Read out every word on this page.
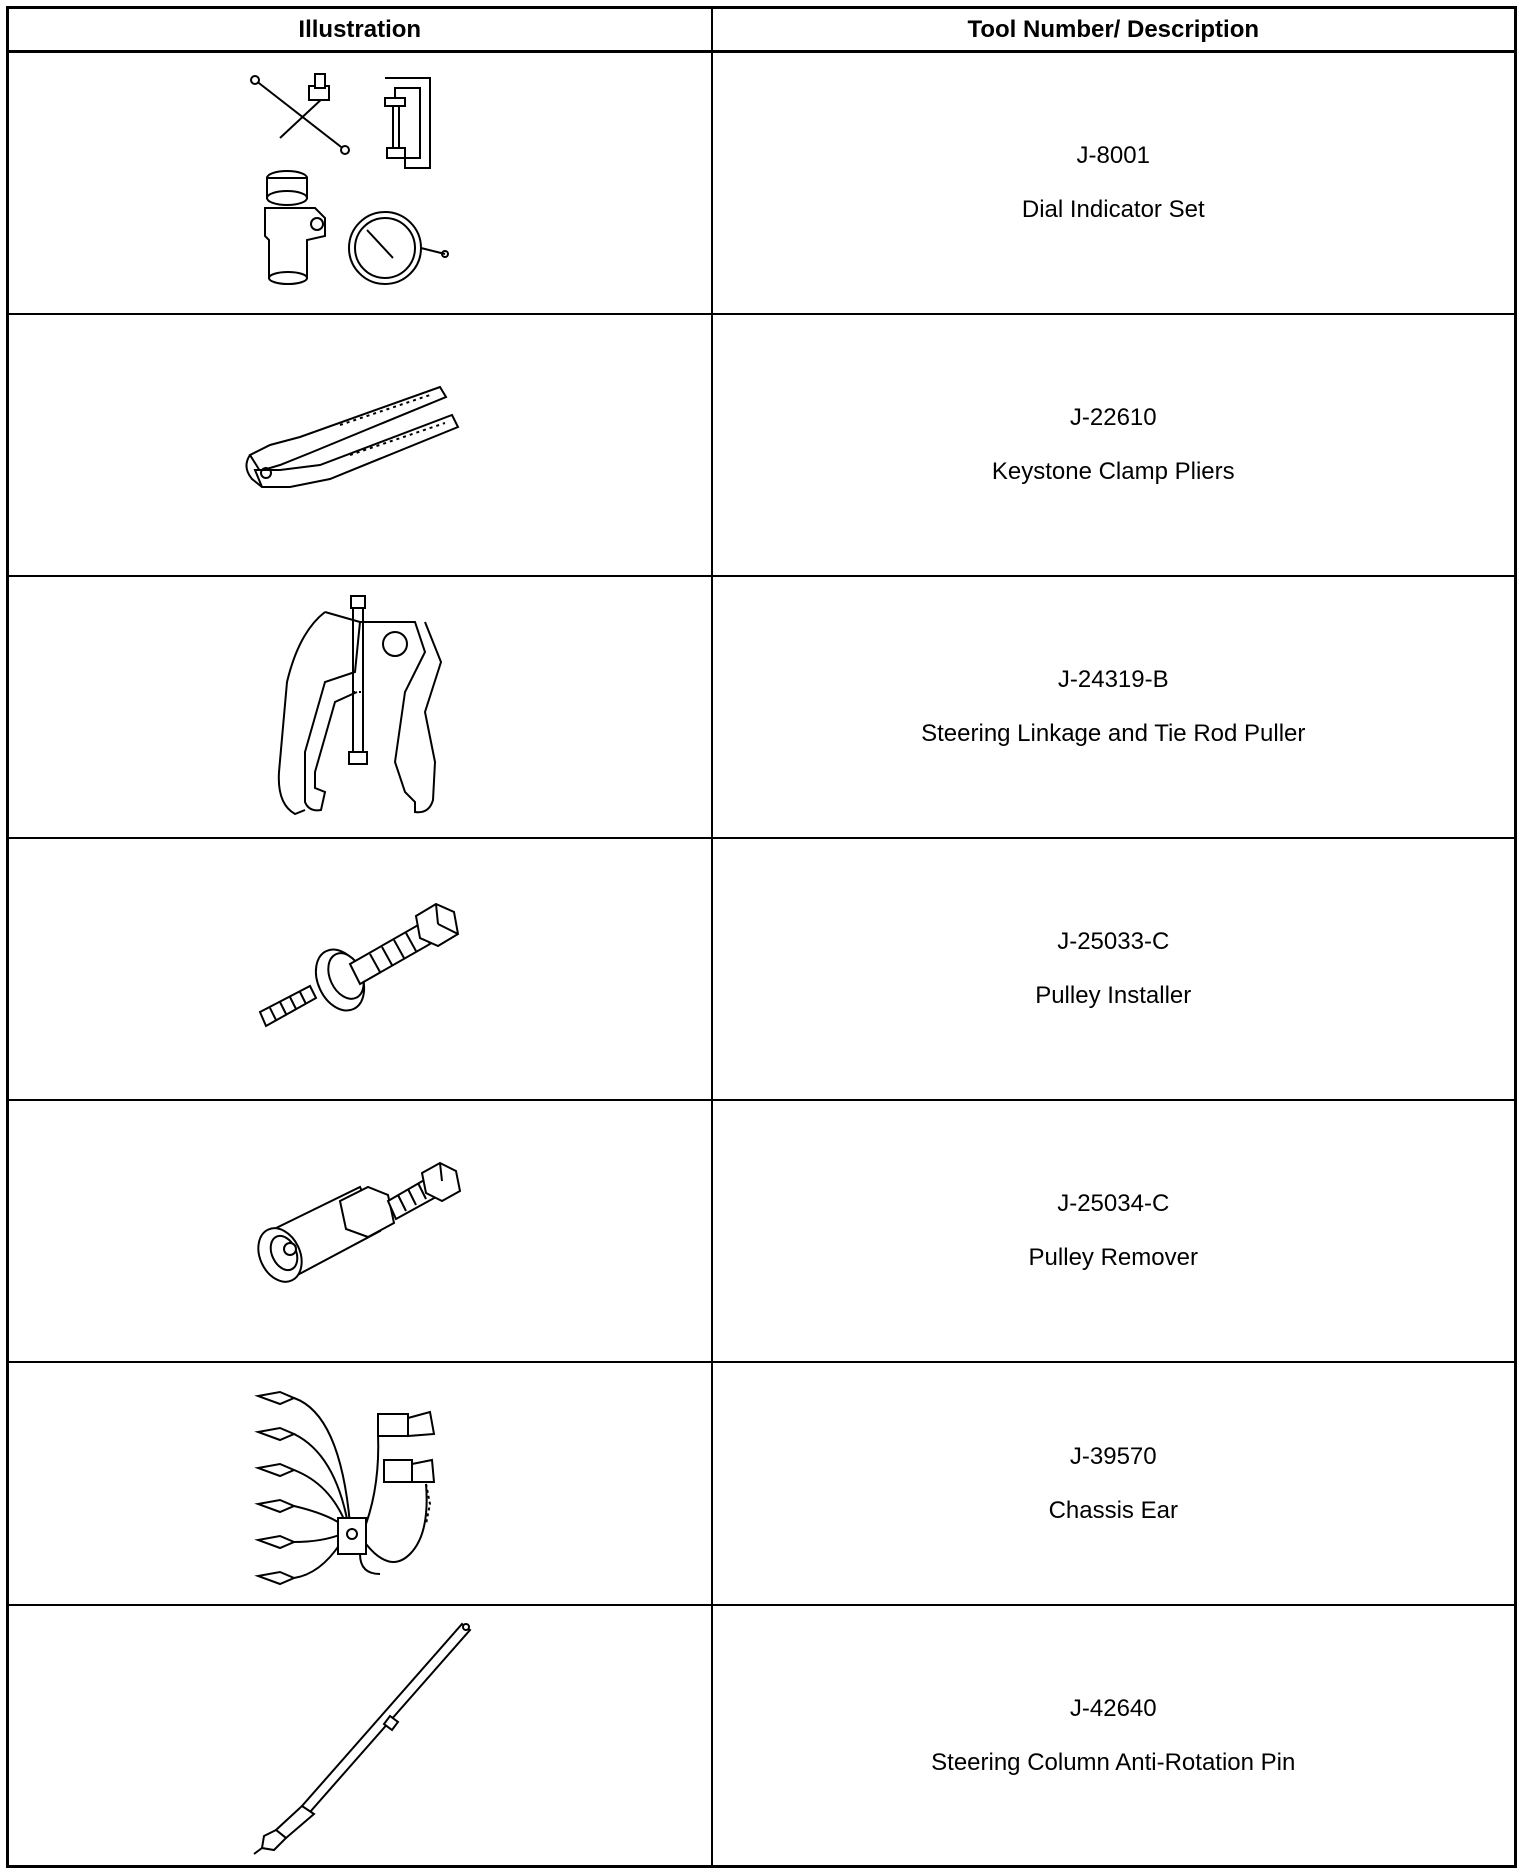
Illustration	Tool Number/ Description

J-8001
Dial Indicator Set

J-22610
Keystone Clamp Pliers

J-24319-B
Steering Linkage and Tie Rod Puller

J-25033-C
Pulley Installer

J-25034-C
Pulley Remover

J-39570
Chassis Ear

J-42640
Steering Column Anti-Rotation Pin
